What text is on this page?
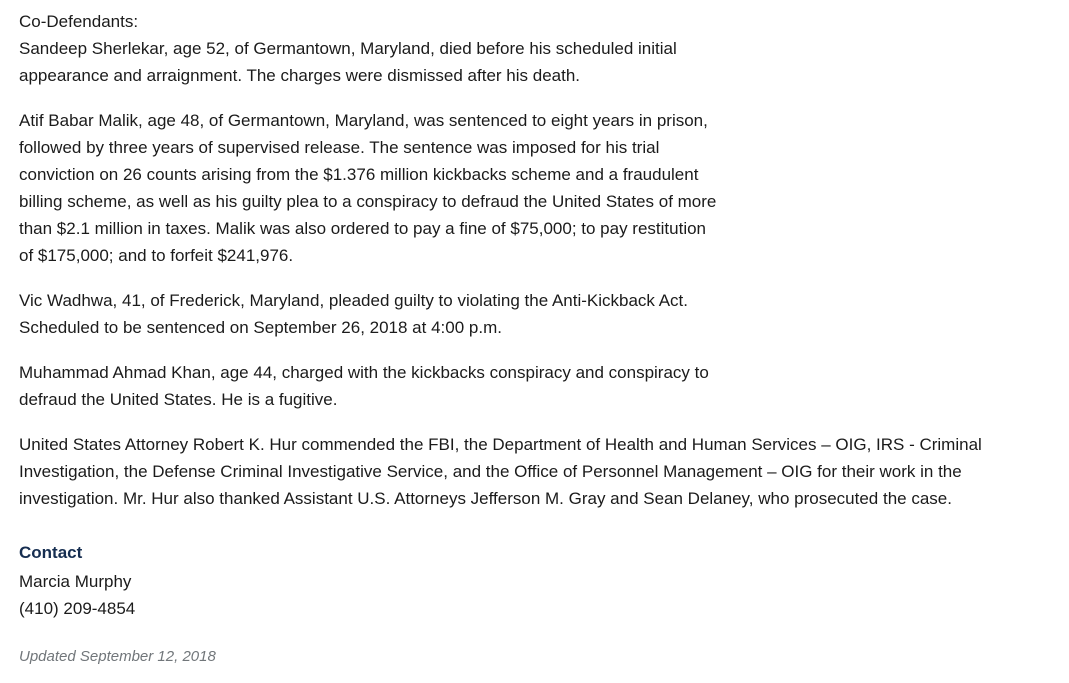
Co-Defendants:
Sandeep Sherlekar, age 52, of Germantown, Maryland, died before his scheduled initial
appearance and arraignment. The charges were dismissed after his death.
Atif Babar Malik, age 48, of Germantown, Maryland, was sentenced to eight years in prison,
followed by three years of supervised release. The sentence was imposed for his trial
conviction on 26 counts arising from the $1.376 million kickbacks scheme and a fraudulent
billing scheme, as well as his guilty plea to a conspiracy to defraud the United States of more
than $2.1 million in taxes. Malik was also ordered to pay a fine of $75,000; to pay restitution
of $175,000; and to forfeit $241,976.
Vic Wadhwa, 41, of Frederick, Maryland, pleaded guilty to violating the Anti-Kickback Act.
Scheduled to be sentenced on September 26, 2018 at 4:00 p.m.
Muhammad Ahmad Khan, age 44, charged with the kickbacks conspiracy and conspiracy to
defraud the United States. He is a fugitive.
United States Attorney Robert K. Hur commended the FBI, the Department of Health and Human Services – OIG, IRS - Criminal
Investigation, the Defense Criminal Investigative Service, and the Office of Personnel Management – OIG for their work in the
investigation. Mr. Hur also thanked Assistant U.S. Attorneys Jefferson M. Gray and Sean Delaney, who prosecuted the case.
Contact
Marcia Murphy
(410) 209-4854
Updated September 12, 2018
